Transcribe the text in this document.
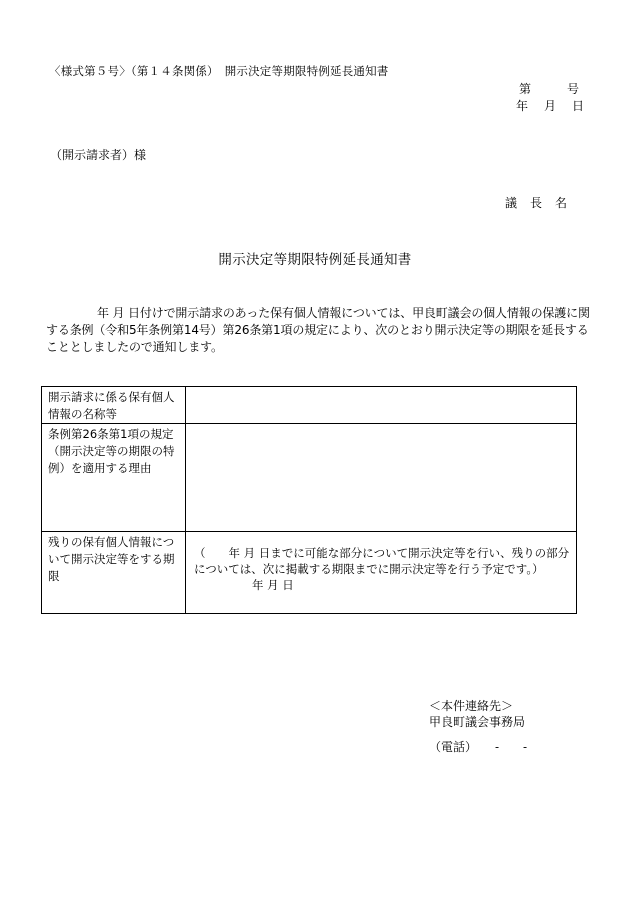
〈様式第５号〉（第１４条関係）　開示決定等期限特例延長通知書
第	号
年 月 日
（開示請求者）様
議長名
開示決定等期限特例延長通知書
年 月 日付けで開示請求のあった保有個人情報については、甲良町議会の個人情報の保護に関する条例（令和5年条例第14号）第26条第1項の規定により、次のとおり開示決定等の期限を延長することとしましたので通知します。
開示請求に係る保有個人情報の名称等	
条例第26条第1項の規定（開示決定等の期限の特例）を適用する理由	
残りの保有個人情報について開示決定等をする期限	（　　年 月 日までに可能な部分について開示決定等を行い、残りの部分については、次に掲載する期限までに開示決定等を行う予定です。）
年 月 日
＜本件連絡先＞
甲良町議会事務局
（電話）　　-　　-
